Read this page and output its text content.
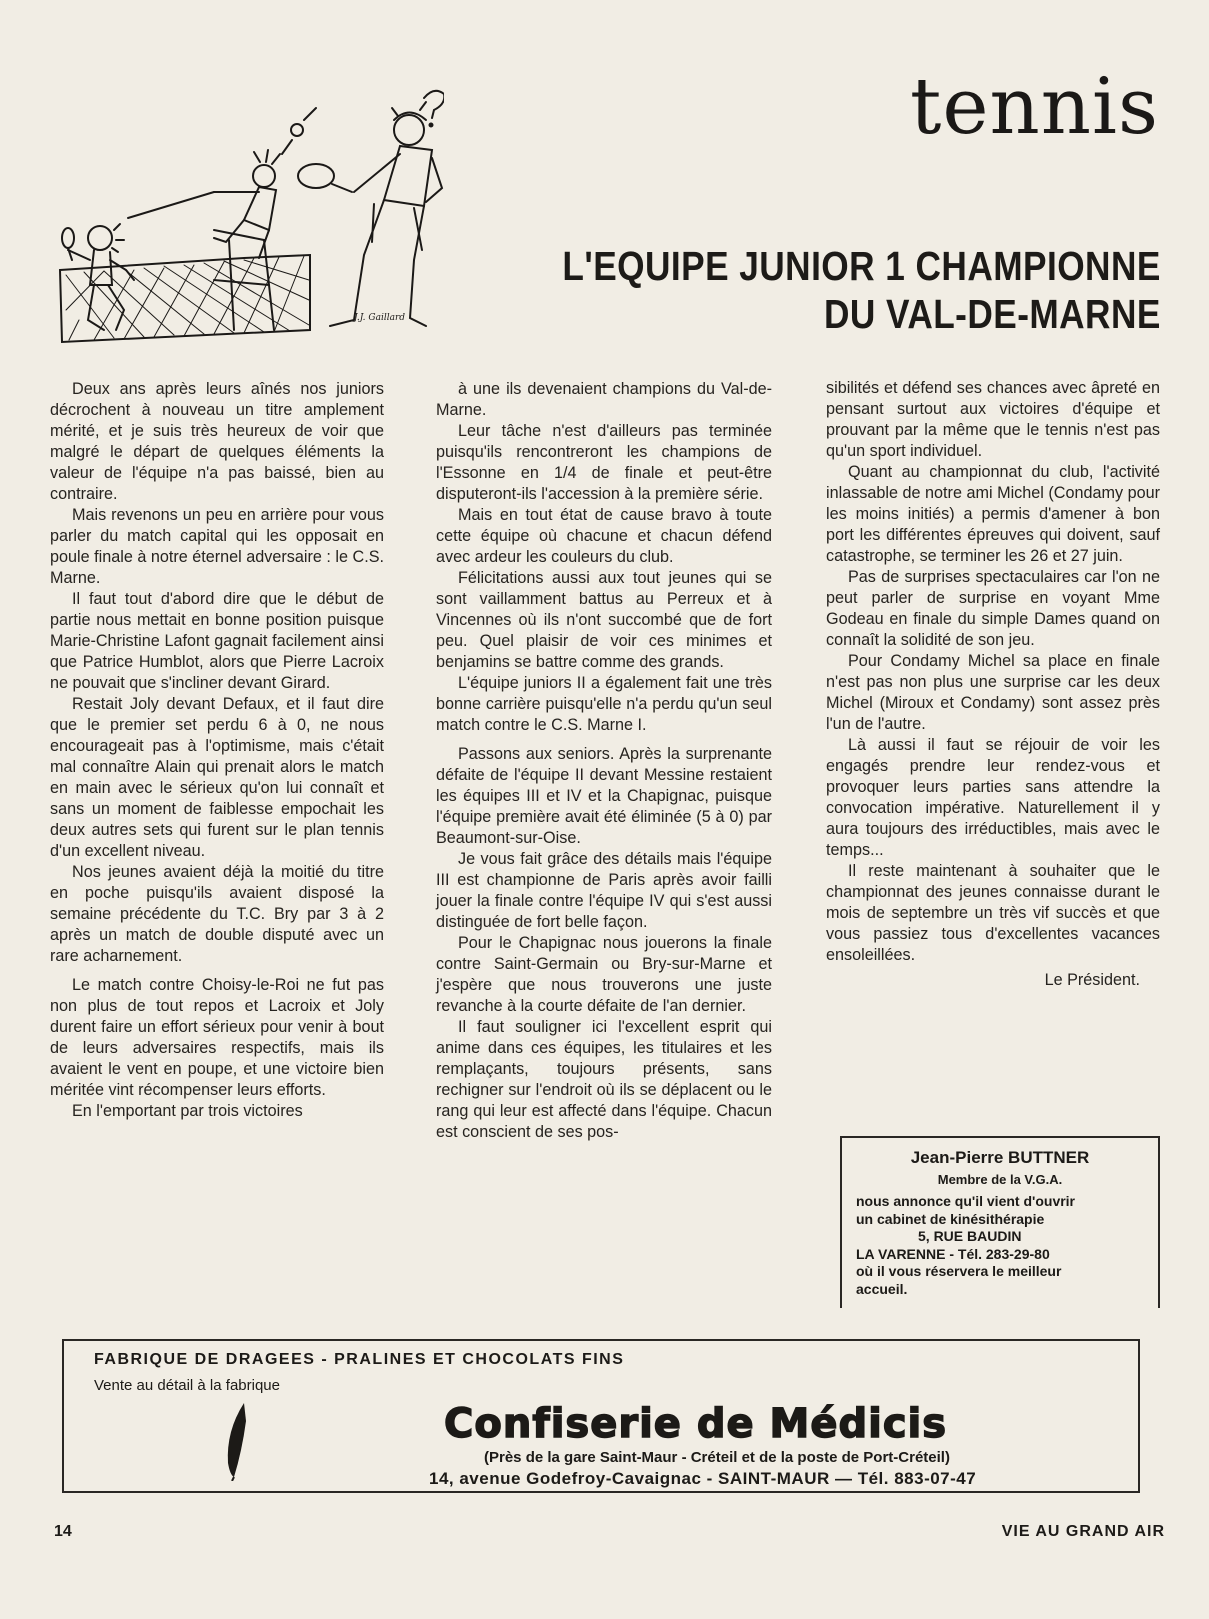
J.J. Gaillard
tennis
L'EQUIPE JUNIOR 1 CHAMPIONNE
DU VAL-DE-MARNE

Deux ans après leurs aînés nos juniors décrochent à nouveau un titre amplement mérité, et je suis très heureux de voir que malgré le départ de quelques éléments la valeur de l'équipe n'a pas baissé, bien au contraire.

Mais revenons un peu en arrière pour vous parler du match capital qui les opposait en poule finale à notre éternel adversaire : le C.S. Marne.

Il faut tout d'abord dire que le début de partie nous mettait en bonne position puisque Marie-Christine Lafont gagnait facilement ainsi que Patrice Humblot, alors que Pierre Lacroix ne pouvait que s'incliner devant Girard.

Restait Joly devant Defaux, et il faut dire que le premier set perdu 6 à 0, ne nous encourageait pas à l'optimisme, mais c'était mal connaître Alain qui prenait alors le match en main avec le sérieux qu'on lui connaît et sans un moment de faiblesse empochait les deux autres sets qui furent sur le plan tennis d'un excellent niveau.

Nos jeunes avaient déjà la moitié du titre en poche puisqu'ils avaient disposé la semaine précédente du T.C. Bry par 3 à 2 après un match de double disputé avec un rare acharnement.

Le match contre Choisy-le-Roi ne fut pas non plus de tout repos et Lacroix et Joly durent faire un effort sérieux pour venir à bout de leurs adversaires respectifs, mais ils avaient le vent en poupe, et une victoire bien méritée vint récompenser leurs efforts.

En l'emportant par trois victoires

à une ils devenaient champions du Val-de-Marne.

Leur tâche n'est d'ailleurs pas terminée puisqu'ils rencontreront les champions de l'Essonne en 1/4 de finale et peut-être disputeront-ils l'accession à la première série.

Mais en tout état de cause bravo à toute cette équipe où chacune et chacun défend avec ardeur les couleurs du club.

Félicitations aussi aux tout jeunes qui se sont vaillamment battus au Perreux et à Vincennes où ils n'ont succombé que de fort peu. Quel plaisir de voir ces minimes et benjamins se battre comme des grands.

L'équipe juniors II a également fait une très bonne carrière puisqu'elle n'a perdu qu'un seul match contre le C.S. Marne I.

Passons aux seniors. Après la surprenante défaite de l'équipe II devant Messine restaient les équipes III et IV et la Chapignac, puisque l'équipe première avait été éliminée (5 à 0) par Beaumont-sur-Oise.

Je vous fait grâce des détails mais l'équipe III est championne de Paris après avoir failli jouer la finale contre l'équipe IV qui s'est aussi distinguée de fort belle façon.

Pour le Chapignac nous jouerons la finale contre Saint-Germain ou Bry-sur-Marne et j'espère que nous trouverons une juste revanche à la courte défaite de l'an dernier.

Il faut souligner ici l'excellent esprit qui anime dans ces équipes, les titulaires et les remplaçants, toujours présents, sans rechigner sur l'endroit où ils se déplacent ou le rang qui leur est affecté dans l'équipe. Chacun est conscient de ses pos-

sibilités et défend ses chances avec âpreté en pensant surtout aux victoires d'équipe et prouvant par la même que le tennis n'est pas qu'un sport individuel.

Quant au championnat du club, l'activité inlassable de notre ami Michel (Condamy pour les moins initiés) a permis d'amener à bon port les différentes épreuves qui doivent, sauf catastrophe, se terminer les 26 et 27 juin.

Pas de surprises spectaculaires car l'on ne peut parler de surprise en voyant Mme Godeau en finale du simple Dames quand on connaît la solidité de son jeu.

Pour Condamy Michel sa place en finale n'est pas non plus une surprise car les deux Michel (Miroux et Condamy) sont assez près l'un de l'autre.

Là aussi il faut se réjouir de voir les engagés prendre leur rendez-vous et provoquer leurs parties sans attendre la convocation impérative. Naturellement il y aura toujours des irréductibles, mais avec le temps...

Il reste maintenant à souhaiter que le championnat des jeunes connaisse durant le mois de septembre un très vif succès et que vous passiez tous d'excellentes vacances ensoleillées.

Le Président.
Jean-Pierre BUTTNER
Membre de la V.G.A.
nous annonce qu'il vient d'ouvrir
un cabinet de kinésithérapie
5, RUE BAUDIN
LA VARENNE - Tél. 283-29-80
où il vous réservera le meilleur
accueil.
FABRIQUE DE DRAGEES - PRALINES ET CHOCOLATS FINS
Vente au détail à la fabrique
Confiserie de Médicis
(Près de la gare Saint-Maur - Créteil et de la poste de Port-Créteil)
14, avenue Godefroy-Cavaignac - SAINT-MAUR — Tél. 883-07-47
14	VIE AU GRAND AIR
